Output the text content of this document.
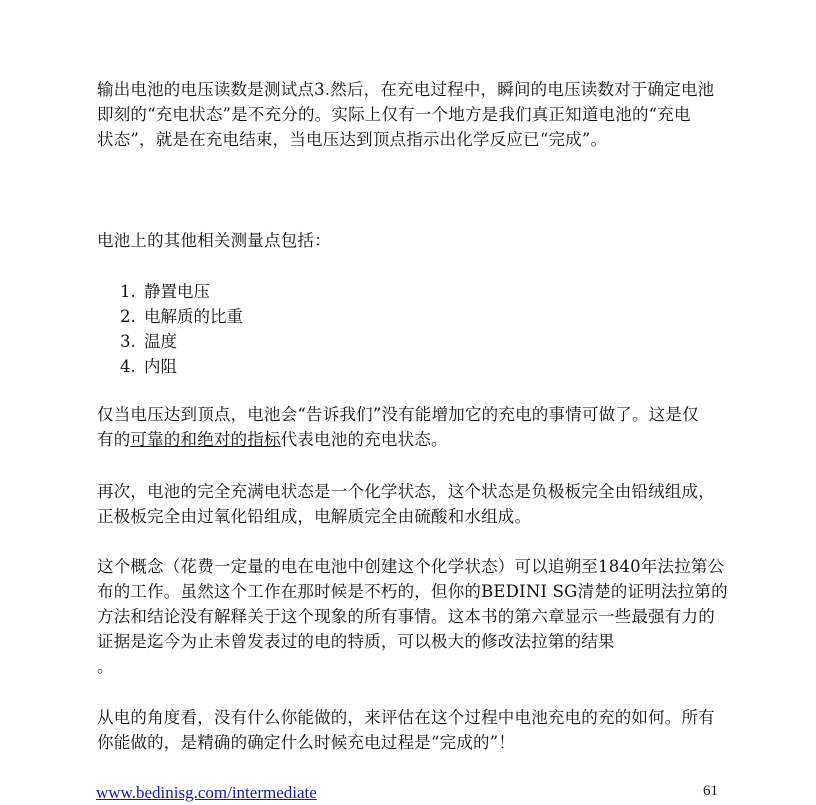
输出电池的电压读数是测试点3.然后，在充电过程中，瞬间的电压读数对于确定电池
即刻的“充电状态”是不充分的。实际上仅有一个地方是我们真正知道电池的“充电
状态”，就是在充电结束，当电压达到顶点指示出化学反应已“完成”。

电池上的其他相关测量点包括：

1. 静置电压
2. 电解质的比重
3. 温度
4. 内阻

仅当电压达到顶点，电池会“告诉我们”没有能增加它的充电的事情可做了。这是仅
有的可靠的和绝对的指标代表电池的充电状态。

再次，电池的完全充满电状态是一个化学状态，这个状态是负极板完全由铅绒组成，
正极板完全由过氧化铅组成，电解质完全由硫酸和水组成。

这个概念（花费一定量的电在电池中创建这个化学状态）可以追朔至1840年法拉第公
布的工作。虽然这个工作在那时候是不朽的，但你的BEDINI SG清楚的证明法拉第的
方法和结论没有解释关于这个现象的所有事情。这本书的第六章显示一些最强有力的
证据是迄今为止未曾发表过的电的特质，可以极大的修改法拉第的结果
。

从电的角度看，没有什么你能做的，来评估在这个过程中电池充电的充的如何。所有
你能做的，是精确的确定什么时候充电过程是“完成的”！

www.bedinisg.com/intermediate	61
